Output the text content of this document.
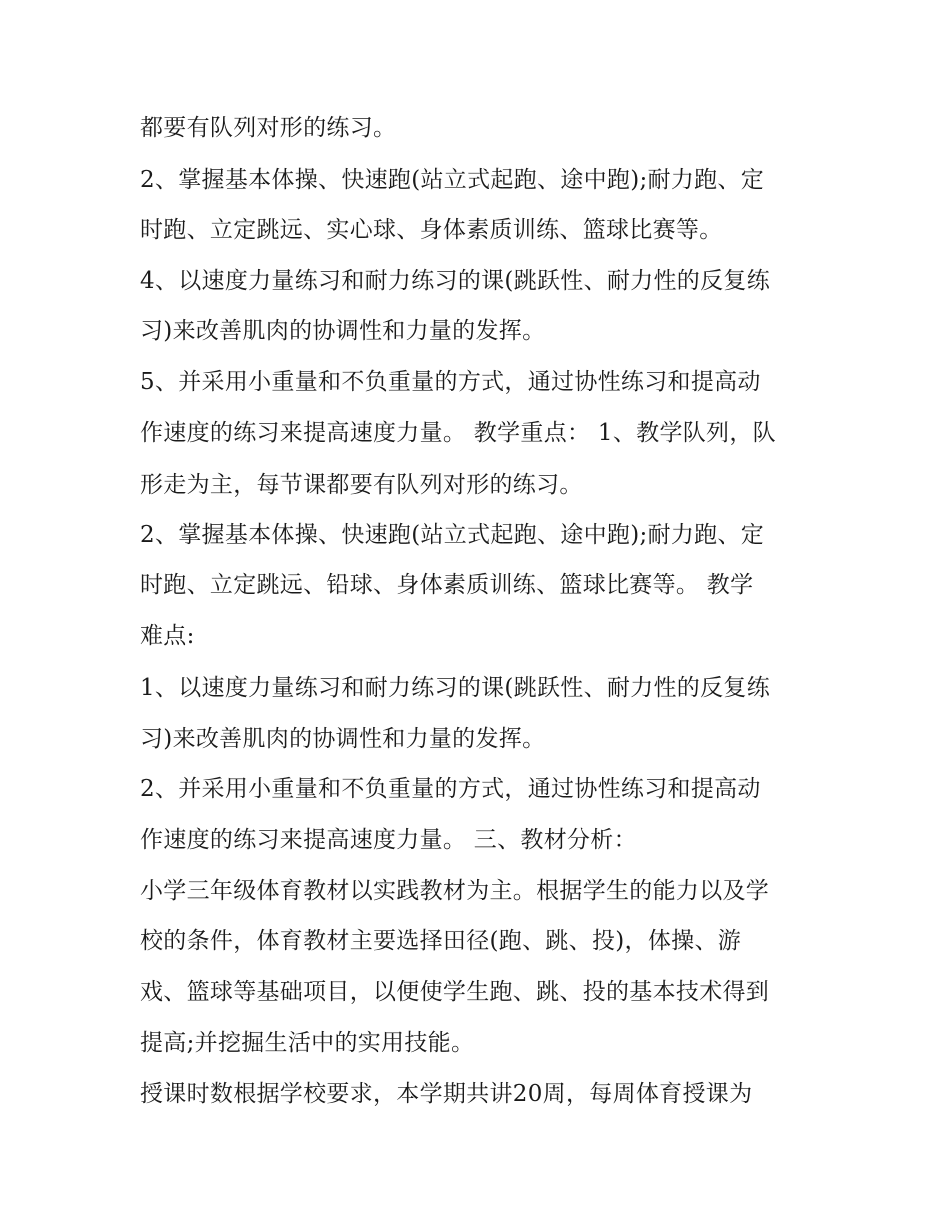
都要有队列对形的练习。
2、掌握基本体操、快速跑(站立式起跑、途中跑);耐力跑、定
时跑、立定跳远、实心球、身体素质训练、篮球比赛等。
4、以速度力量练习和耐力练习的课(跳跃性、耐力性的反复练
习)来改善肌肉的协调性和力量的发挥。
5、并采用小重量和不负重量的方式，通过协性练习和提高动
作速度的练习来提高速度力量。 教学重点： 1、教学队列，队
形走为主，每节课都要有队列对形的练习。
2、掌握基本体操、快速跑(站立式起跑、途中跑);耐力跑、定
时跑、立定跳远、铅球、身体素质训练、篮球比赛等。 教学
难点:
1、以速度力量练习和耐力练习的课(跳跃性、耐力性的反复练
习)来改善肌肉的协调性和力量的发挥。
2、并采用小重量和不负重量的方式，通过协性练习和提高动
作速度的练习来提高速度力量。 三、教材分析：
小学三年级体育教材以实践教材为主。根据学生的能力以及学
校的条件，体育教材主要选择田径(跑、跳、投)，体操、游
戏、篮球等基础项目，以便使学生跑、跳、投的基本技术得到
提高;并挖掘生活中的实用技能。
授课时数根据学校要求，本学期共讲20周，每周体育授课为
